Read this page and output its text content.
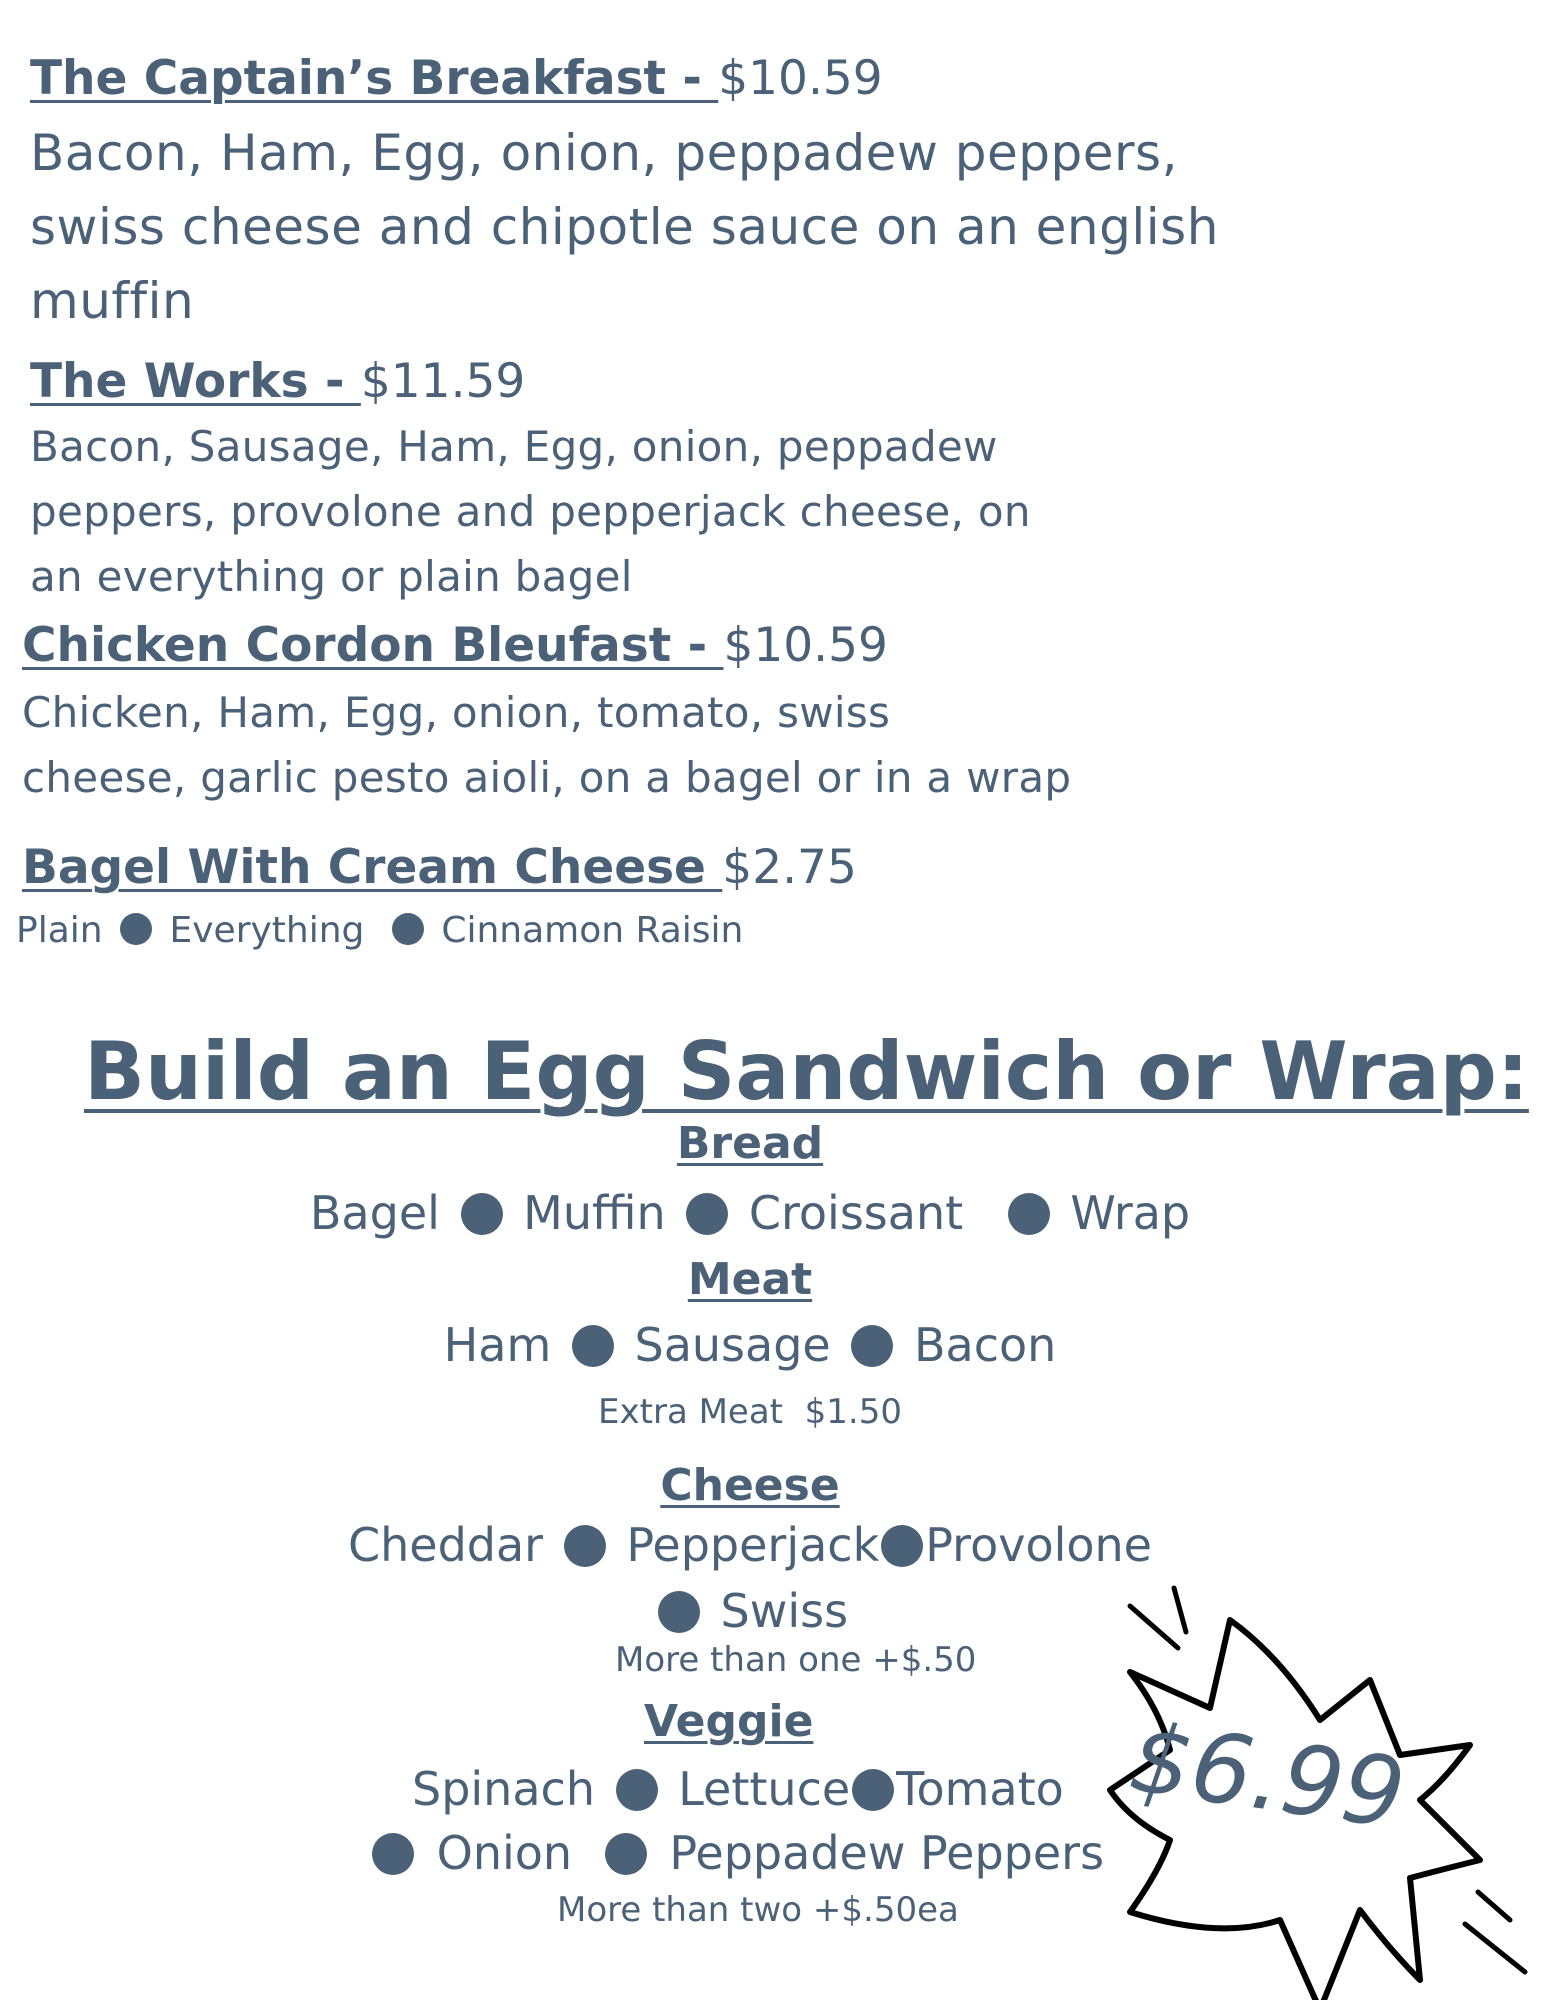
The Captain’s Breakfast - $10.59
Bacon, Ham, Egg, onion, peppadew peppers,
swiss cheese and chipotle sauce on an english
muffin
The Works - $11.59
Bacon, Sausage, Ham, Egg, onion, peppadew
peppers, provolone and pepperjack cheese, on
an everything or plain bagel
Chicken Cordon Bleufast - $10.59
Chicken, Ham, Egg, onion, tomato, swiss
cheese, garlic pesto aioli, on a bagel or in a wrap
Bagel With Cream Cheese $2.75
Plain Everything Cinnamon Raisin
Build an Egg Sandwich or Wrap:
Bread
Bagel Muffin Croissant Wrap
Meat
Ham Sausage Bacon
Extra Meat  $1.50
Cheese
Cheddar Pepperjack Provolone
Swiss
More than one +$.50
Veggie
Spinach Lettuce Tomato
Onion Peppadew Peppers
More than two +$.50ea
$6.99
